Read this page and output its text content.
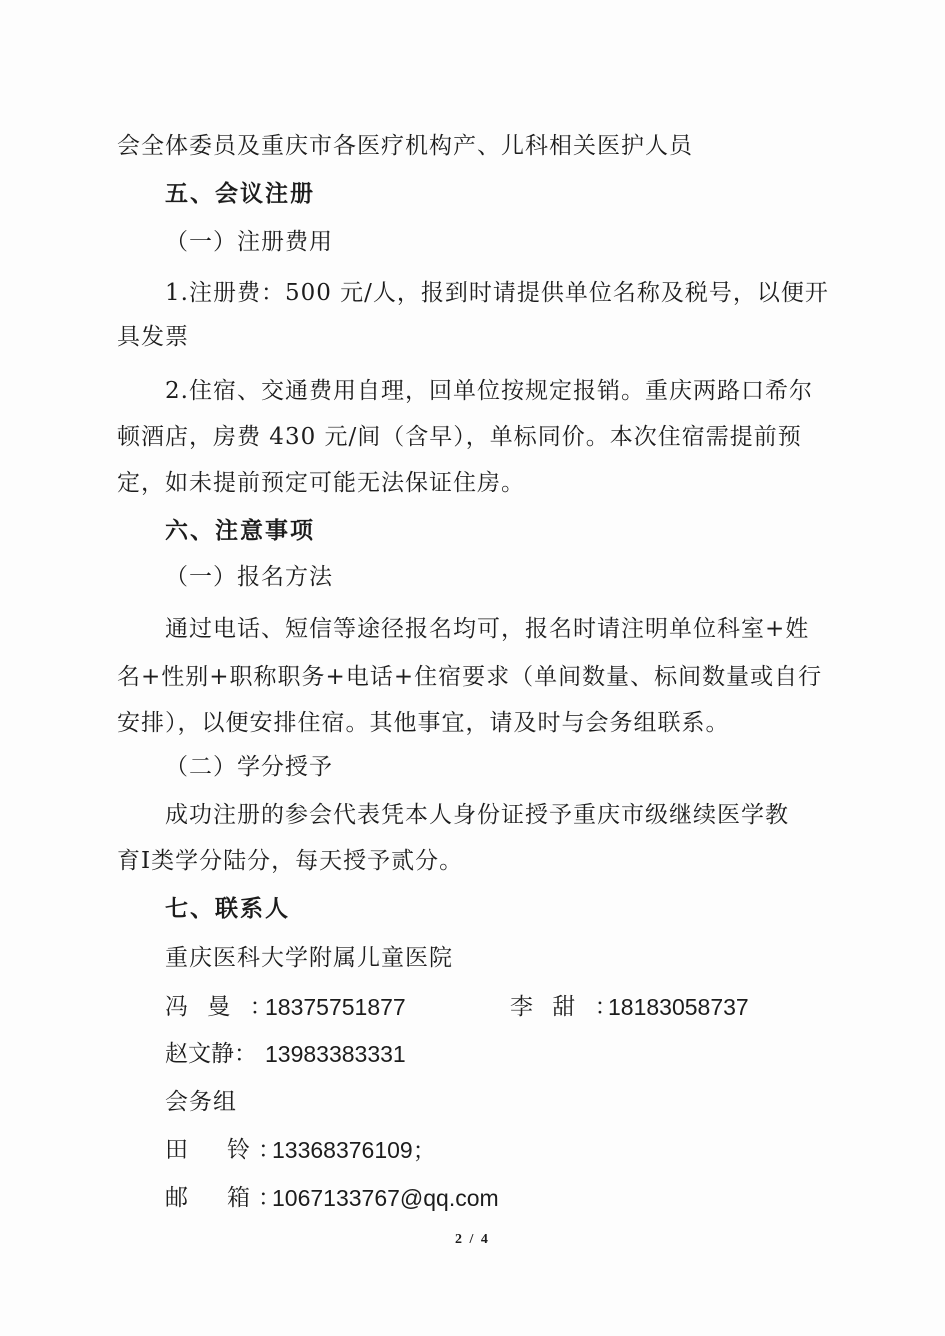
会全体委员及重庆市各医疗机构产、儿科相关医护人员
五、会议注册
（一）注册费用
1.注册费：500 元/人，报到时请提供单位名称及税号，以便开
具发票
2.住宿、交通费用自理，回单位按规定报销。重庆两路口希尔
顿酒店，房费 430 元/间（含早），单标同价。本次住宿需提前预
定，如未提前预定可能无法保证住房。
六、注意事项
（一）报名方法
通过电话、短信等途径报名均可，报名时请注明单位科室+姓
名+性别+职称职务+电话+住宿要求（单间数量、标间数量或自行
安排），以便安排住宿。其他事宜，请及时与会务组联系。
（二）学分授予
成功注册的参会代表凭本人身份证授予重庆市级继续医学教
育Ⅰ类学分陆分，每天授予贰分。
七、联系人
重庆医科大学附属儿童医院
冯 曼 ：
18375751877	李 甜 ：
18183058737
赵文静： 13983383331
会务组
田　铃：
13368376109；
邮　箱：
1067133767@qq.com
2 / 4
